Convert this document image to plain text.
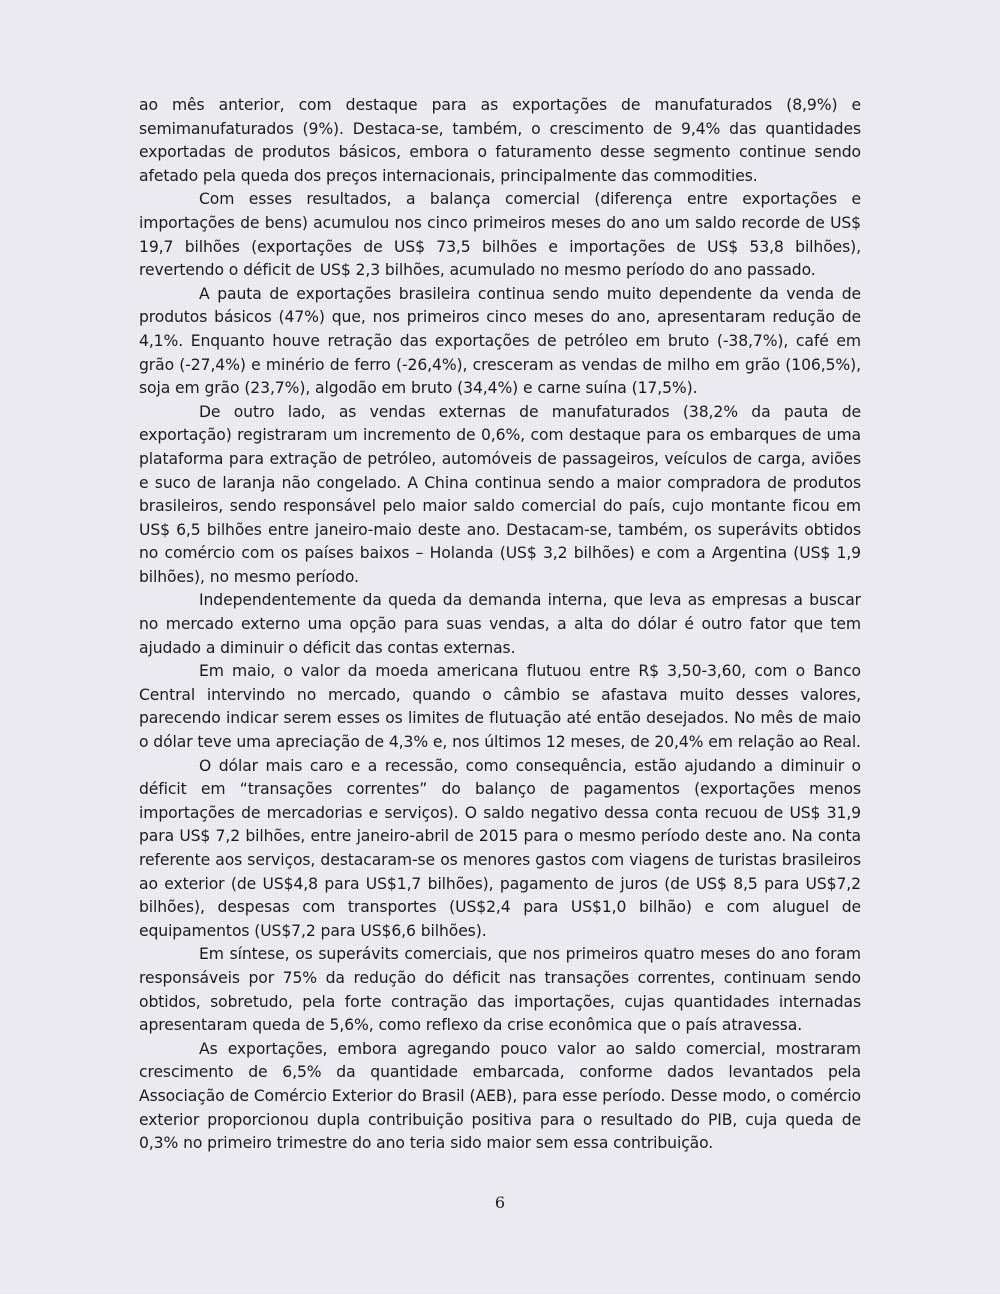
ao mês anterior, com destaque para as exportações de manufaturados (8,9%) e semimanufaturados (9%). Destaca-se, também, o crescimento de 9,4% das quantidades exportadas de produtos básicos, embora o faturamento desse segmento continue sendo afetado pela queda dos preços internacionais, principalmente das commodities.

Com esses resultados, a balança comercial (diferença entre exportações e importações de bens) acumulou nos cinco primeiros meses do ano um saldo recorde de US$ 19,7 bilhões (exportações de US$ 73,5 bilhões e importações de US$ 53,8 bilhões), revertendo o déficit de US$ 2,3 bilhões, acumulado no mesmo período do ano passado.

A pauta de exportações brasileira continua sendo muito dependente da venda de produtos básicos (47%) que, nos primeiros cinco meses do ano, apresentaram redução de 4,1%. Enquanto houve retração das exportações de petróleo em bruto (-38,7%), café em grão (-27,4%) e minério de ferro (-26,4%), cresceram as vendas de milho em grão (106,5%), soja em grão (23,7%), algodão em bruto (34,4%) e carne suína (17,5%).

De outro lado, as vendas externas de manufaturados (38,2% da pauta de exportação) registraram um incremento de 0,6%, com destaque para os embarques de uma plataforma para extração de petróleo, automóveis de passageiros, veículos de carga, aviões e suco de laranja não congelado. A China continua sendo a maior compradora de produtos brasileiros, sendo responsável pelo maior saldo comercial do país, cujo montante ficou em US$ 6,5 bilhões entre janeiro-maio deste ano. Destacam-se, também, os superávits obtidos no comércio com os países baixos – Holanda (US$ 3,2 bilhões) e com a Argentina (US$ 1,9 bilhões), no mesmo período.

Independentemente da queda da demanda interna, que leva as empresas a buscar no mercado externo uma opção para suas vendas, a alta do dólar é outro fator que tem ajudado a diminuir o déficit das contas externas.

Em maio, o valor da moeda americana flutuou entre R$ 3,50-3,60, com o Banco Central intervindo no mercado, quando o câmbio se afastava muito desses valores, parecendo indicar serem esses os limites de flutuação até então desejados. No mês de maio o dólar teve uma apreciação de 4,3% e, nos últimos 12 meses, de 20,4% em relação ao Real.

O dólar mais caro e a recessão, como consequência, estão ajudando a diminuir o déficit em “transações correntes” do balanço de pagamentos (exportações menos importações de mercadorias e serviços). O saldo negativo dessa conta recuou de US$ 31,9 para US$ 7,2 bilhões, entre janeiro-abril de 2015 para o mesmo período deste ano. Na conta referente aos serviços, destacaram-se os menores gastos com viagens de turistas brasileiros ao exterior (de US$4,8 para US$1,7 bilhões), pagamento de juros (de US$ 8,5 para US$7,2 bilhões), despesas com transportes (US$2,4 para US$1,0 bilhão) e com aluguel de equipamentos (US$7,2 para US$6,6 bilhões).

Em síntese, os superávits comerciais, que nos primeiros quatro meses do ano foram responsáveis por 75% da redução do déficit nas transações correntes, continuam sendo obtidos, sobretudo, pela forte contração das importações, cujas quantidades internadas apresentaram queda de 5,6%, como reflexo da crise econômica que o país atravessa.

As exportações, embora agregando pouco valor ao saldo comercial, mostraram crescimento de 6,5% da quantidade embarcada, conforme dados levantados pela Associação de Comércio Exterior do Brasil (AEB), para esse período. Desse modo, o comércio exterior proporcionou dupla contribuição positiva para o resultado do PIB, cuja queda de 0,3% no primeiro trimestre do ano teria sido maior sem essa contribuição.

6
